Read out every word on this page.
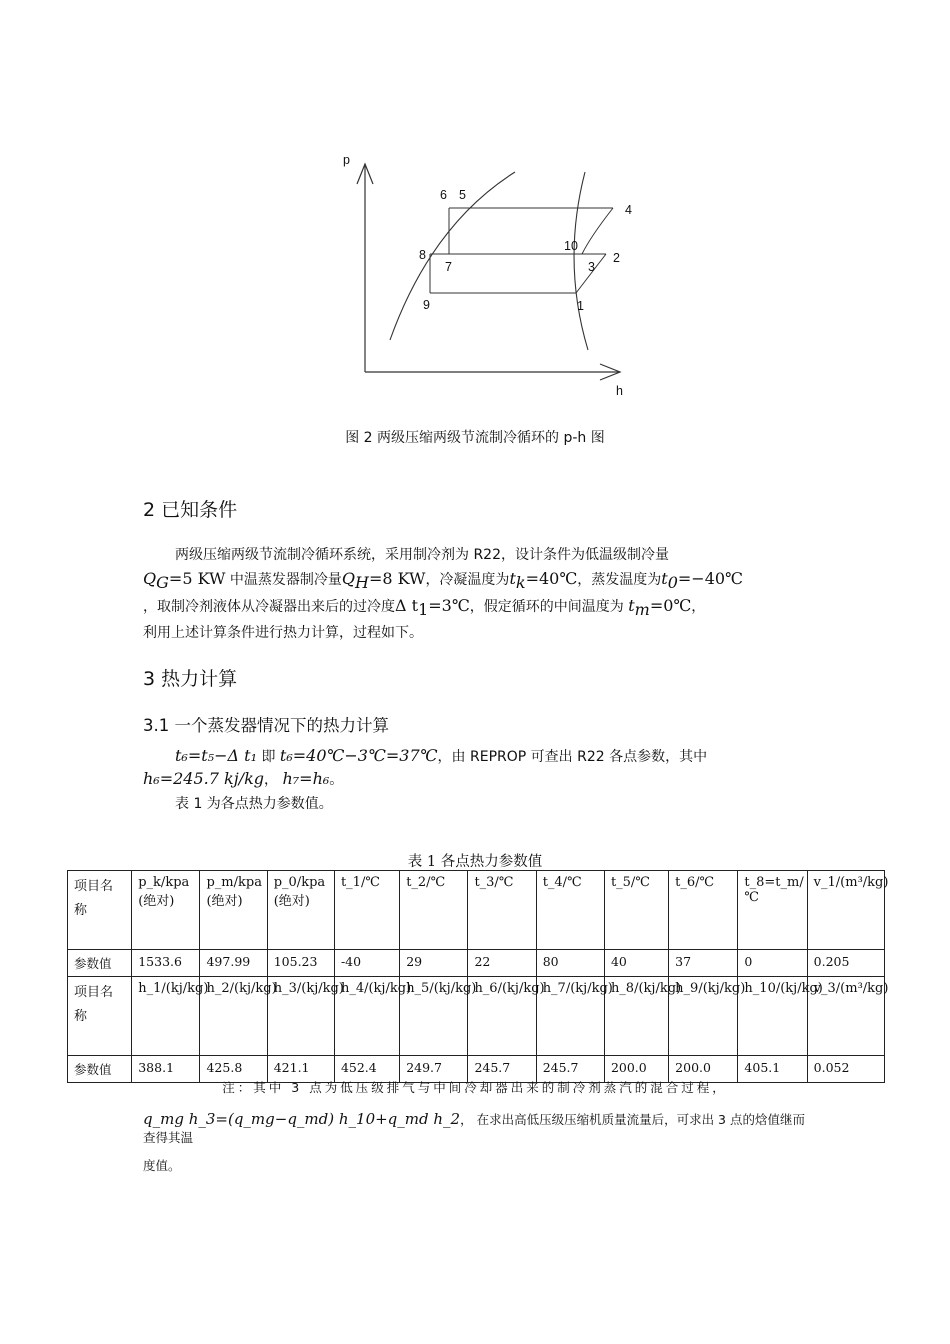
p
h
6 5
4
10
8
7	3
2
9	1
图 2 两级压缩两级节流制冷循环的 p-h 图
2 已知条件
两级压缩两级节流制冷循环系统，采用制冷剂为 R22，设计条件为低温级制冷量
$Q_G=5$ KW 中温蒸发器制冷量$Q_H=8$ KW，冷凝温度为$t_k=40℃$，蒸发温度为$t_0=-40℃$
，取制冷剂液体从冷凝器出来后的过冷度Δ $t_1=3℃$，假定循环的中间温度为 $t_m=0℃$，
利用上述计算条件进行热力计算，过程如下。
3 热力计算
3.1 一个蒸发器情况下的热力计算
t₆=t₅−Δ t₁ 即 t₆=40℃−3℃=37℃，由 REPROP 可查出 R22 各点参数，其中
h₆=245.7 kj/kg， h₇=h₆。
表 1 为各点热力参数值。
表 1 各点热力参数值
项目名称	p_k/kpa (绝对)	p_m/kpa (绝对)	p_0/kpa (绝对)	t_1/℃	t_2/℃	t_3/℃	t_4/℃	t_5/℃	t_6/℃	t_8=t_m/℃	v_1/(m³/kg)
参数值	1533.6	497.99	105.23	-40	29	22	80	40	37	0	0.205
项目名称	h_1/(kj/kg)	h_2/(kj/kg)	h_3/(kj/kg)	h_4/(kj/kg)	h_5/(kj/kg)	h_6/(kj/kg)	h_7/(kj/kg)	h_8/(kj/kg)	h_9/(kj/kg)	h_10/(kj/kg)	v_3/(m³/kg)
参数值	388.1	425.8	421.1	452.4	249.7	245.7	245.7	200.0	200.0	405.1	0.052
注：其中 3 点为低压级排气与中间冷却器出来的制冷剂蒸汽的混合过程，
q_mg h_3=(q_mg−q_md) h_10+q_md h_2， 在求出高低压级压缩机质量流量后，可求出 3 点的焓值继而查得其温
度值。
